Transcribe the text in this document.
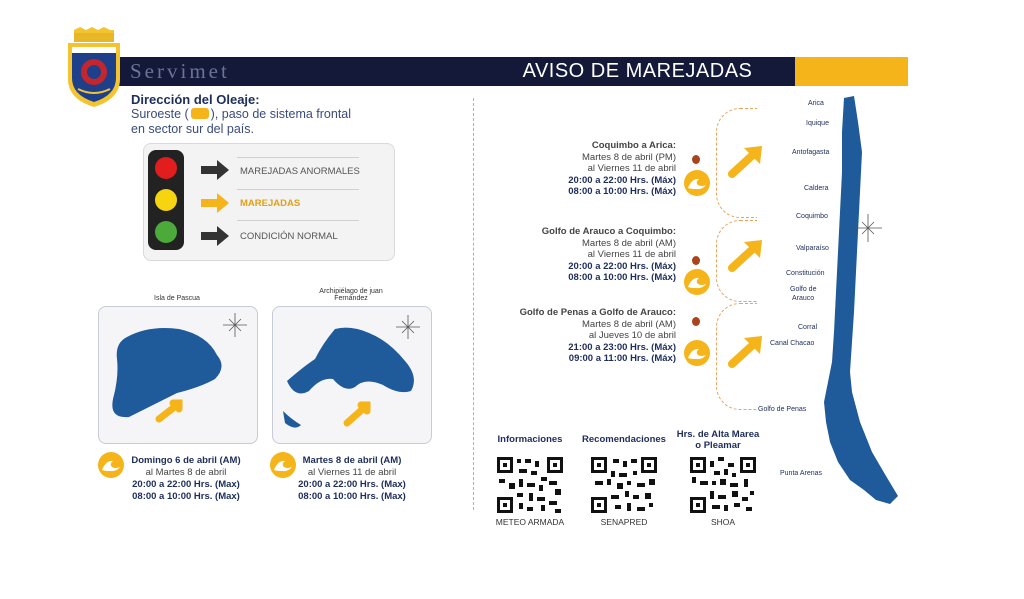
Servimet	AVISO DE MAREJADAS
Dirección del Oleaje:
Suroeste ( ), paso de sistema frontal
en sector sur del país.
MAREJADAS ANORMALES
MAREJADAS
CONDICIÓN NORMAL
Isla de Pascua
Domingo 6 de abril (AM)
al Martes 8 de abril
20:00 a 22:00 Hrs. (Max)
08:00 a 10:00 Hrs. (Max)
Archipiélago de juan
Fernández
Martes 8 de abril (AM)
al Viernes 11 de abril
20:00 a 22:00 Hrs. (Max)
08:00 a 10:00 Hrs. (Max)
Coquimbo a Arica:
Martes 8 de abril (PM)
al Viernes 11 de abril
20:00 a 22:00 Hrs. (Máx)
08:00 a 10:00 Hrs. (Máx)
Golfo de Arauco a Coquimbo:
Martes 8 de abril (AM)
al Viernes 11 de abril
20:00 a 22:00 Hrs. (Máx)
08:00 a 10:00 Hrs. (Máx)
Golfo de Penas a Golfo de Arauco:
Martes 8 de abril (AM)
al Jueves 10 de abril
21:00 a 23:00 Hrs. (Máx)
09:00 a 11:00 Hrs. (Máx)
Arica
Iquique
Antofagasta
Caldera
Coquimbo
Valparaíso
Constitución
Golfo de
Arauco
Corral
Canal Chacao
Golfo de Penas
Punta Arenas
Informaciones	Recomendaciones	Hrs. de Alta Marea
o Pleamar
METEO ARMADA	SENAPRED	SHOA
